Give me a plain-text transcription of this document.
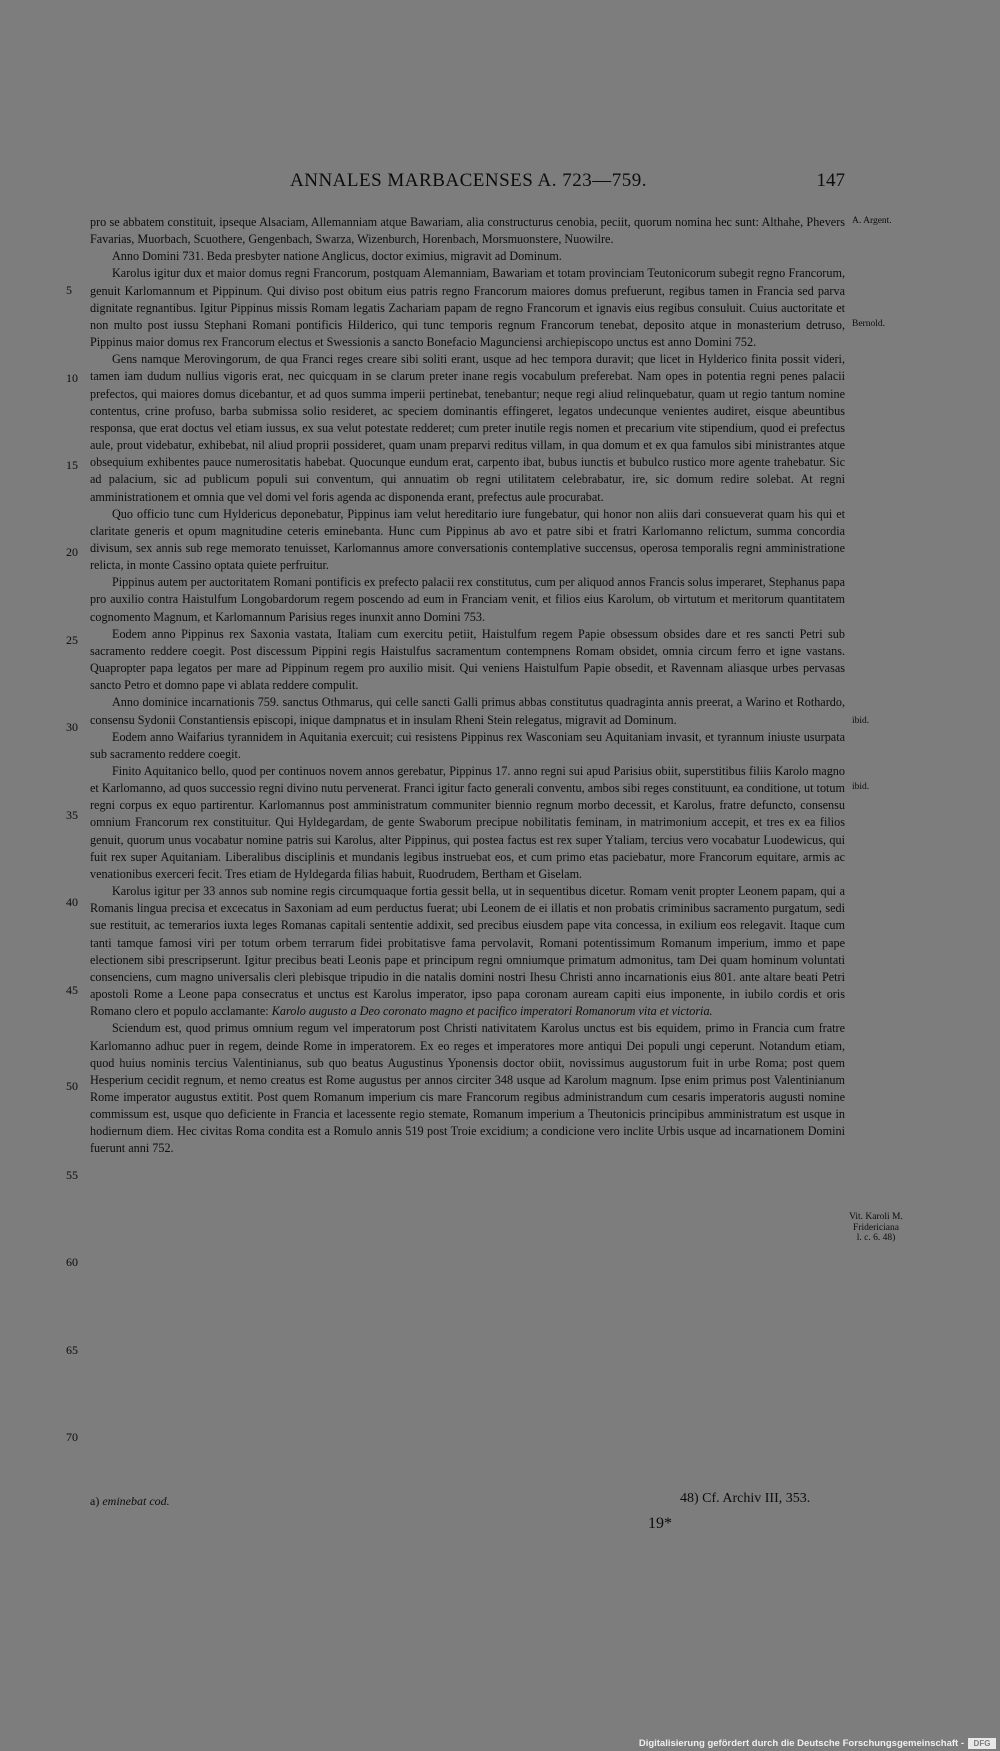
ANNALES MARBACENSES A. 723—759.	147
5
10
15
20
25
30
35
40
45
50
55
60
65
70

pro se abbatem constituit, ipseque Alsaciam, Allemanniam atque Bawariam, alia constructurus cenobia, peciit, quorum nomina hec sunt: Althahe, Phevers Favarias, Muorbach, Scuothere, Gengenbach, Swarza, Wizenburch, Horenbach, Morsmuonstere, Nuowilre.

Anno Domini 731. Beda presbyter natione Anglicus, doctor eximius, migravit ad Dominum.

Karolus igitur dux et maior domus regni Francorum, postquam Alemanniam, Bawariam et totam provinciam Teutonicorum subegit regno Francorum, genuit Karlomannum et Pippinum. Qui diviso post obitum eius patris regno Francorum maiores domus prefuerunt, regibus tamen in Francia sed parva dignitate regnantibus. Igitur Pippinus missis Romam legatis Zachariam papam de regno Francorum et ignavis eius regibus consuluit. Cuius auctoritate et non multo post iussu Stephani Romani pontificis Hilderico, qui tunc temporis regnum Francorum tenebat, deposito atque in monasterium detruso, Pippinus maior domus rex Francorum electus et Swessionis a sancto Bonefacio Magunciensi archiepiscopo unctus est anno Domini 752.

Gens namque Merovingorum, de qua Franci reges creare sibi soliti erant, usque ad hec tempora duravit; que licet in Hylderico finita possit videri, tamen iam dudum nullius vigoris erat, nec quicquam in se clarum preter inane regis vocabulum preferebat. Nam opes in potentia regni penes palacii prefectos, qui maiores domus dicebantur, et ad quos summa imperii pertinebat, tenebantur; neque regi aliud relinquebatur, quam ut regio tantum nomine contentus, crine profuso, barba submissa solio resideret, ac speciem dominantis effingeret, legatos undecunque venientes audiret, eisque abeuntibus responsa, que erat doctus vel etiam iussus, ex sua velut potestate redderet; cum preter inutile regis nomen et precarium vite stipendium, quod ei prefectus aule, prout videbatur, exhibebat, nil aliud proprii possideret, quam unam preparvi reditus villam, in qua domum et ex qua famulos sibi ministrantes atque obsequium exhibentes pauce numerositatis habebat. Quocunque eundum erat, carpento ibat, bubus iunctis et bubulco rustico more agente trahebatur. Sic ad palacium, sic ad publicum populi sui conventum, qui annuatim ob regni utilitatem celebrabatur, ire, sic domum redire solebat. At regni amministrationem et omnia que vel domi vel foris agenda ac disponenda erant, prefectus aule procurabat.

Quo officio tunc cum Hyldericus deponebatur, Pippinus iam velut hereditario iure fungebatur, qui honor non aliis dari consueverat quam his qui et claritate generis et opum magnitudine ceteris eminebanta. Hunc cum Pippinus ab avo et patre sibi et fratri Karlomanno relictum, summa concordia divisum, sex annis sub rege memorato tenuisset, Karlomannus amore conversationis contemplative succensus, operosa temporalis regni amministratione relicta, in monte Cassino optata quiete perfruitur.

Pippinus autem per auctoritatem Romani pontificis ex prefecto palacii rex constitutus, cum per aliquod annos Francis solus imperaret, Stephanus papa pro auxilio contra Haistulfum Longobardorum regem poscendo ad eum in Franciam venit, et filios eius Karolum, ob virtutum et meritorum quantitatem cognomento Magnum, et Karlomannum Parisius reges inunxit anno Domini 753.

Eodem anno Pippinus rex Saxonia vastata, Italiam cum exercitu petiit, Haistulfum regem Papie obsessum obsides dare et res sancti Petri sub sacramento reddere coegit. Post discessum Pippini regis Haistulfus sacramentum contempnens Romam obsidet, omnia circum ferro et igne vastans. Quapropter papa legatos per mare ad Pippinum regem pro auxilio misit. Qui veniens Haistulfum Papie obsedit, et Ravennam aliasque urbes pervasas sancto Petro et domno pape vi ablata reddere compulit.

Anno dominice incarnationis 759. sanctus Othmarus, qui celle sancti Galli primus abbas constitutus quadraginta annis preerat, a Warino et Rothardo, consensu Sydonii Constantiensis episcopi, inique dampnatus et in insulam Rheni Stein relegatus, migravit ad Dominum.

Eodem anno Waifarius tyrannidem in Aquitania exercuit; cui resistens Pippinus rex Wasconiam seu Aquitaniam invasit, et tyrannum iniuste usurpata sub sacramento reddere coegit.

Finito Aquitanico bello, quod per continuos novem annos gerebatur, Pippinus 17. anno regni sui apud Parisius obiit, superstitibus filiis Karolo magno et Karlomanno, ad quos successio regni divino nutu pervenerat. Franci igitur facto generali conventu, ambos sibi reges constituunt, ea conditione, ut totum regni corpus ex equo partirentur. Karlomannus post amministratum communiter biennio regnum morbo decessit, et Karolus, fratre defuncto, consensu omnium Francorum rex constituitur. Qui Hyldegardam, de gente Swaborum precipue nobilitatis feminam, in matrimonium accepit, et tres ex ea filios genuit, quorum unus vocabatur nomine patris sui Karolus, alter Pippinus, qui postea factus est rex super Ytaliam, tercius vero vocabatur Luodewicus, qui fuit rex super Aquitaniam. Liberalibus disciplinis et mundanis legibus instruebat eos, et cum primo etas paciebatur, more Francorum equitare, armis ac venationibus exerceri fecit. Tres etiam de Hyldegarda filias habuit, Ruodrudem, Bertham et Giselam.

Karolus igitur per 33 annos sub nomine regis circumquaque fortia gessit bella, ut in sequentibus dicetur. Romam venit propter Leonem papam, qui a Romanis lingua precisa et excecatus in Saxoniam ad eum perductus fuerat; ubi Leonem de ei illatis et non probatis criminibus sacramento purgatum, sedi sue restituit, ac temerarios iuxta leges Romanas capitali sententie addixit, sed precibus eiusdem pape vita concessa, in exilium eos relegavit. Itaque cum tanti tamque famosi viri per totum orbem terrarum fidei probitatisve fama pervolavit, Romani potentissimum Romanum imperium, immo et pape electionem sibi prescripserunt. Igitur precibus beati Leonis pape et principum regni omniumque primatum admonitus, tam Dei quam hominum voluntati consenciens, cum magno universalis cleri plebisque tripudio in die natalis domini nostri Ihesu Christi anno incarnationis eius 801. ante altare beati Petri apostoli Rome a Leone papa consecratus et unctus est Karolus imperator, ipso papa coronam auream capiti eius imponente, in iubilo cordis et oris Romano clero et populo acclamante: Karolo augusto a Deo coronato magno et pacifico imperatori Romanorum vita et victoria.

Sciendum est, quod primus omnium regum vel imperatorum post Christi nativitatem Karolus unctus est bis equidem, primo in Francia cum fratre Karlomanno adhuc puer in regem, deinde Rome in imperatorem. Ex eo reges et imperatores more antiqui Dei populi ungi ceperunt. Notandum etiam, quod huius nominis tercius Valentinianus, sub quo beatus Augustinus Yponensis doctor obiit, novissimus augustorum fuit in urbe Roma; post quem Hesperium cecidit regnum, et nemo creatus est Rome augustus per annos circiter 348 usque ad Karolum magnum. Ipse enim primus post Valentinianum Rome imperator augustus extitit. Post quem Romanum imperium cis mare Francorum regibus administrandum cum cesaris imperatoris augusti nomine commissum est, usque quo deficiente in Francia et lacessente regio stemate, Romanum imperium a Theutonicis principibus amministratum est usque in hodiernum diem. Hec civitas Roma condita est a Romulo annis 519 post Troie excidium; a condicione vero inclite Urbis usque ad incarnationem Domini fuerunt anni 752.

A. Argent.
Bernold.
ibid.
ibid.
Vit. Karoli M.
Fridericiana
l. c. 6. 48)
a) eminebat cod.	48) Cf. Archiv III, 353.
19*
Digitalisierung gefördert durch die Deutsche Forschungsgemeinschaft -	DFG
